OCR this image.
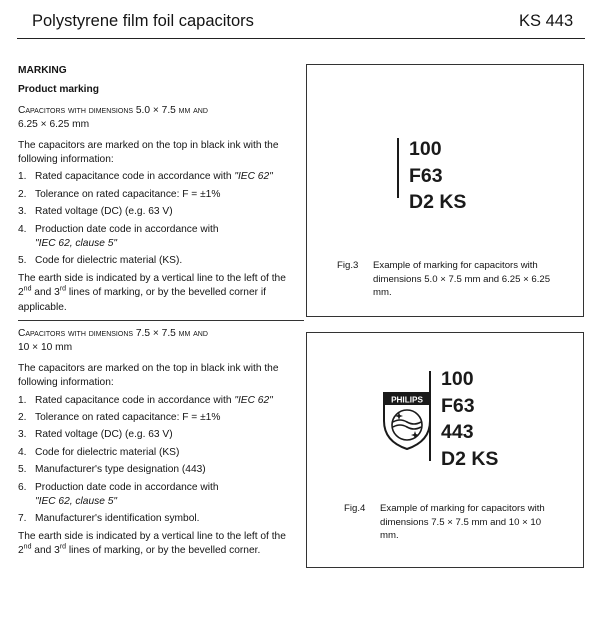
Polystyrene film foil capacitors	KS 443

MARKING

Product marking

Capacitors with dimensions 5.0 × 7.5 mm and

6.25 × 6.25 mm

The capacitors are marked on the top in black ink with the following information:

1. Rated capacitance code in accordance with "IEC 62"
2. Tolerance on rated capacitance: F = ±1%
3. Rated voltage (DC) (e.g. 63 V)
4. Production date code in accordance with
"IEC 62, clause 5"
5. Code for dielectric material (KS).

The earth side is indicated by a vertical line to the left of the
2nd and 3rd lines of marking, or by the bevelled corner if applicable.

Capacitors with dimensions 7.5 × 7.5 mm and

10 × 10 mm

The capacitors are marked on the top in black ink with the following information:

1. Rated capacitance code in accordance with "IEC 62"
2. Tolerance on rated capacitance: F = ±1%
3. Rated voltage (DC) (e.g. 63 V)
4. Code for dielectric material (KS)
5. Manufacturer's type designation (443)
6. Production date code in accordance with
"IEC 62, clause 5"
7. Manufacturer's identification symbol.

The earth side is indicated by a vertical line to the left of the
2nd and 3rd lines of marking, or by the bevelled corner.

100
F63
D2 KS
Fig.3 Example of marking for capacitors with dimensions 5.0 × 7.5 mm and 6.25 × 6.25 mm.
PHILIPS
100
F63
443
D2 KS
Fig.4 Example of marking for capacitors with dimensions 7.5 × 7.5 mm and 10 × 10 mm.
